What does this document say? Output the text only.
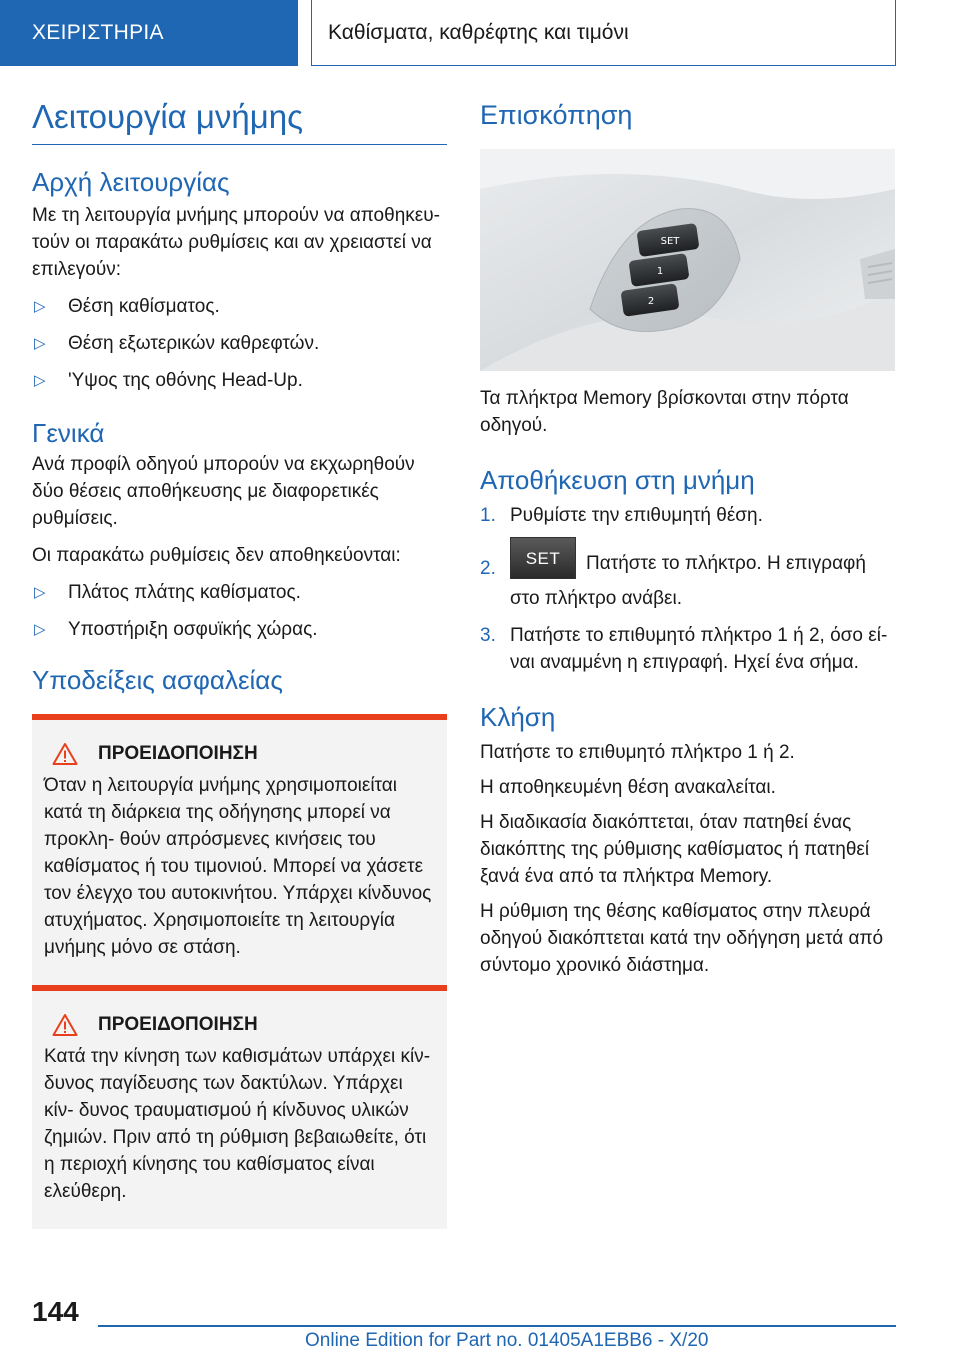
ΧΕΙΡΙΣΤΗΡΙΑ	Καθίσματα, καθρέφτης και τιμόνι
Λειτουργία μνήμης
Αρχή λειτουργίας

Με τη λειτουργία μνήμης μπορούν να αποθηκευ- τούν οι παρακάτω ρυθμίσεις και αν χρειαστεί να επιλεγούν:

▷ Θέση καθίσματος.
▷ Θέση εξωτερικών καθρεφτών.
▷ 'Υψος της οθόνης Head-Up.
Γενικά

Ανά προφίλ οδηγού μπορούν να εκχωρηθούν δύο θέσεις αποθήκευσης με διαφορετικές ρυθμίσεις.

Οι παρακάτω ρυθμίσεις δεν αποθηκεύονται:

▷ Πλάτος πλάτης καθίσματος.
▷ Υποστήριξη οσφυϊκής χώρας.
Υποδείξεις ασφαλείας
ΠΡΟΕΙΔΟΠΟΙΗΣΗ

Όταν η λειτουργία μνήμης χρησιμοποιείται κατά τη διάρκεια της οδήγησης μπορεί να προκλη- θούν απρόσμενες κινήσεις του καθίσματος ή του τιμονιού. Μπορεί να χάσετε τον έλεγχο του αυτοκινήτου. Υπάρχει κίνδυνος ατυχήματος. Χρησιμοποιείτε τη λειτουργία μνήμης μόνο σε στάση.

ΠΡΟΕΙΔΟΠΟΙΗΣΗ

Κατά την κίνηση των καθισμάτων υπάρχει κίν- δυνος παγίδευσης των δακτύλων. Υπάρχει κίν- δυνος τραυματισμού ή κίνδυνος υλικών ζημιών. Πριν από τη ρύθμιση βεβαιωθείτε, ότι η περιοχή κίνησης του καθίσματος είναι ελεύθερη.

Επισκόπηση
SET
1
2

Τα πλήκτρα Memory βρίσκονται στην πόρτα οδηγού.

Αποθήκευση στη μνήμη
1. Ρυθμίστε την επιθυμητή θέση.
2. SET Πατήστε το πλήκτρο. Η επιγραφή στο πλήκτρο ανάβει.
3. Πατήστε το επιθυμητό πλήκτρο 1 ή 2, όσο εί- ναι αναμμένη η επιγραφή. Ηχεί ένα σήμα.
Κλήση

Πατήστε το επιθυμητό πλήκτρο 1 ή 2.

Η αποθηκευμένη θέση ανακαλείται.

Η διαδικασία διακόπτεται, όταν πατηθεί ένας διακόπτης της ρύθμισης καθίσματος ή πατηθεί ξανά ένα από τα πλήκτρα Memory.

Η ρύθμιση της θέσης καθίσματος στην πλευρά οδηγού διακόπτεται κατά την οδήγηση μετά από σύντομο χρονικό διάστημα.

144
Online Edition for Part no. 01405A1EBB6 - X/20
